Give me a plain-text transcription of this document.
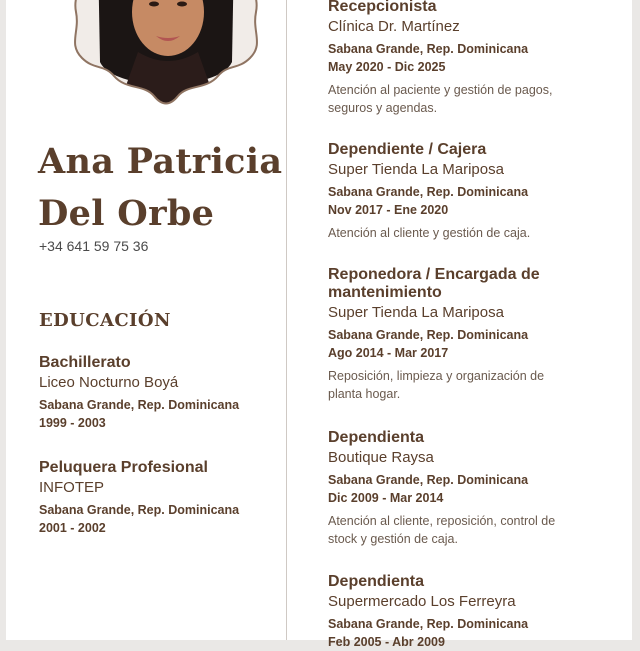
Ana Patricia
Del Orbe
+34 641 59 75 36
EDUCACIÓN
Bachillerato
Liceo Nocturno Boyá
Sabana Grande, Rep. Dominicana
1999 - 2003
Peluquera Profesional
INFOTEP
Sabana Grande, Rep. Dominicana
2001 - 2002
Recepcionista
Clínica Dr. Martínez
Sabana Grande, Rep. Dominicana
May 2020 - Dic 2025
Atención al paciente y gestión de pagos, seguros y agendas.
Dependiente / Cajera
Super Tienda La Mariposa
Sabana Grande, Rep. Dominicana
Nov 2017 - Ene 2020
Atención al cliente y gestión de caja.
Reponedora / Encargada de mantenimiento
Super Tienda La Mariposa
Sabana Grande, Rep. Dominicana
Ago 2014 - Mar 2017
Reposición, limpieza y organización de planta hogar.
Dependienta
Boutique Raysa
Sabana Grande, Rep. Dominicana
Dic 2009 - Mar 2014
Atención al cliente, reposición, control de stock y gestión de caja.
Dependienta
Supermercado Los Ferreyra
Sabana Grande, Rep. Dominicana
Feb 2005 - Abr 2009
